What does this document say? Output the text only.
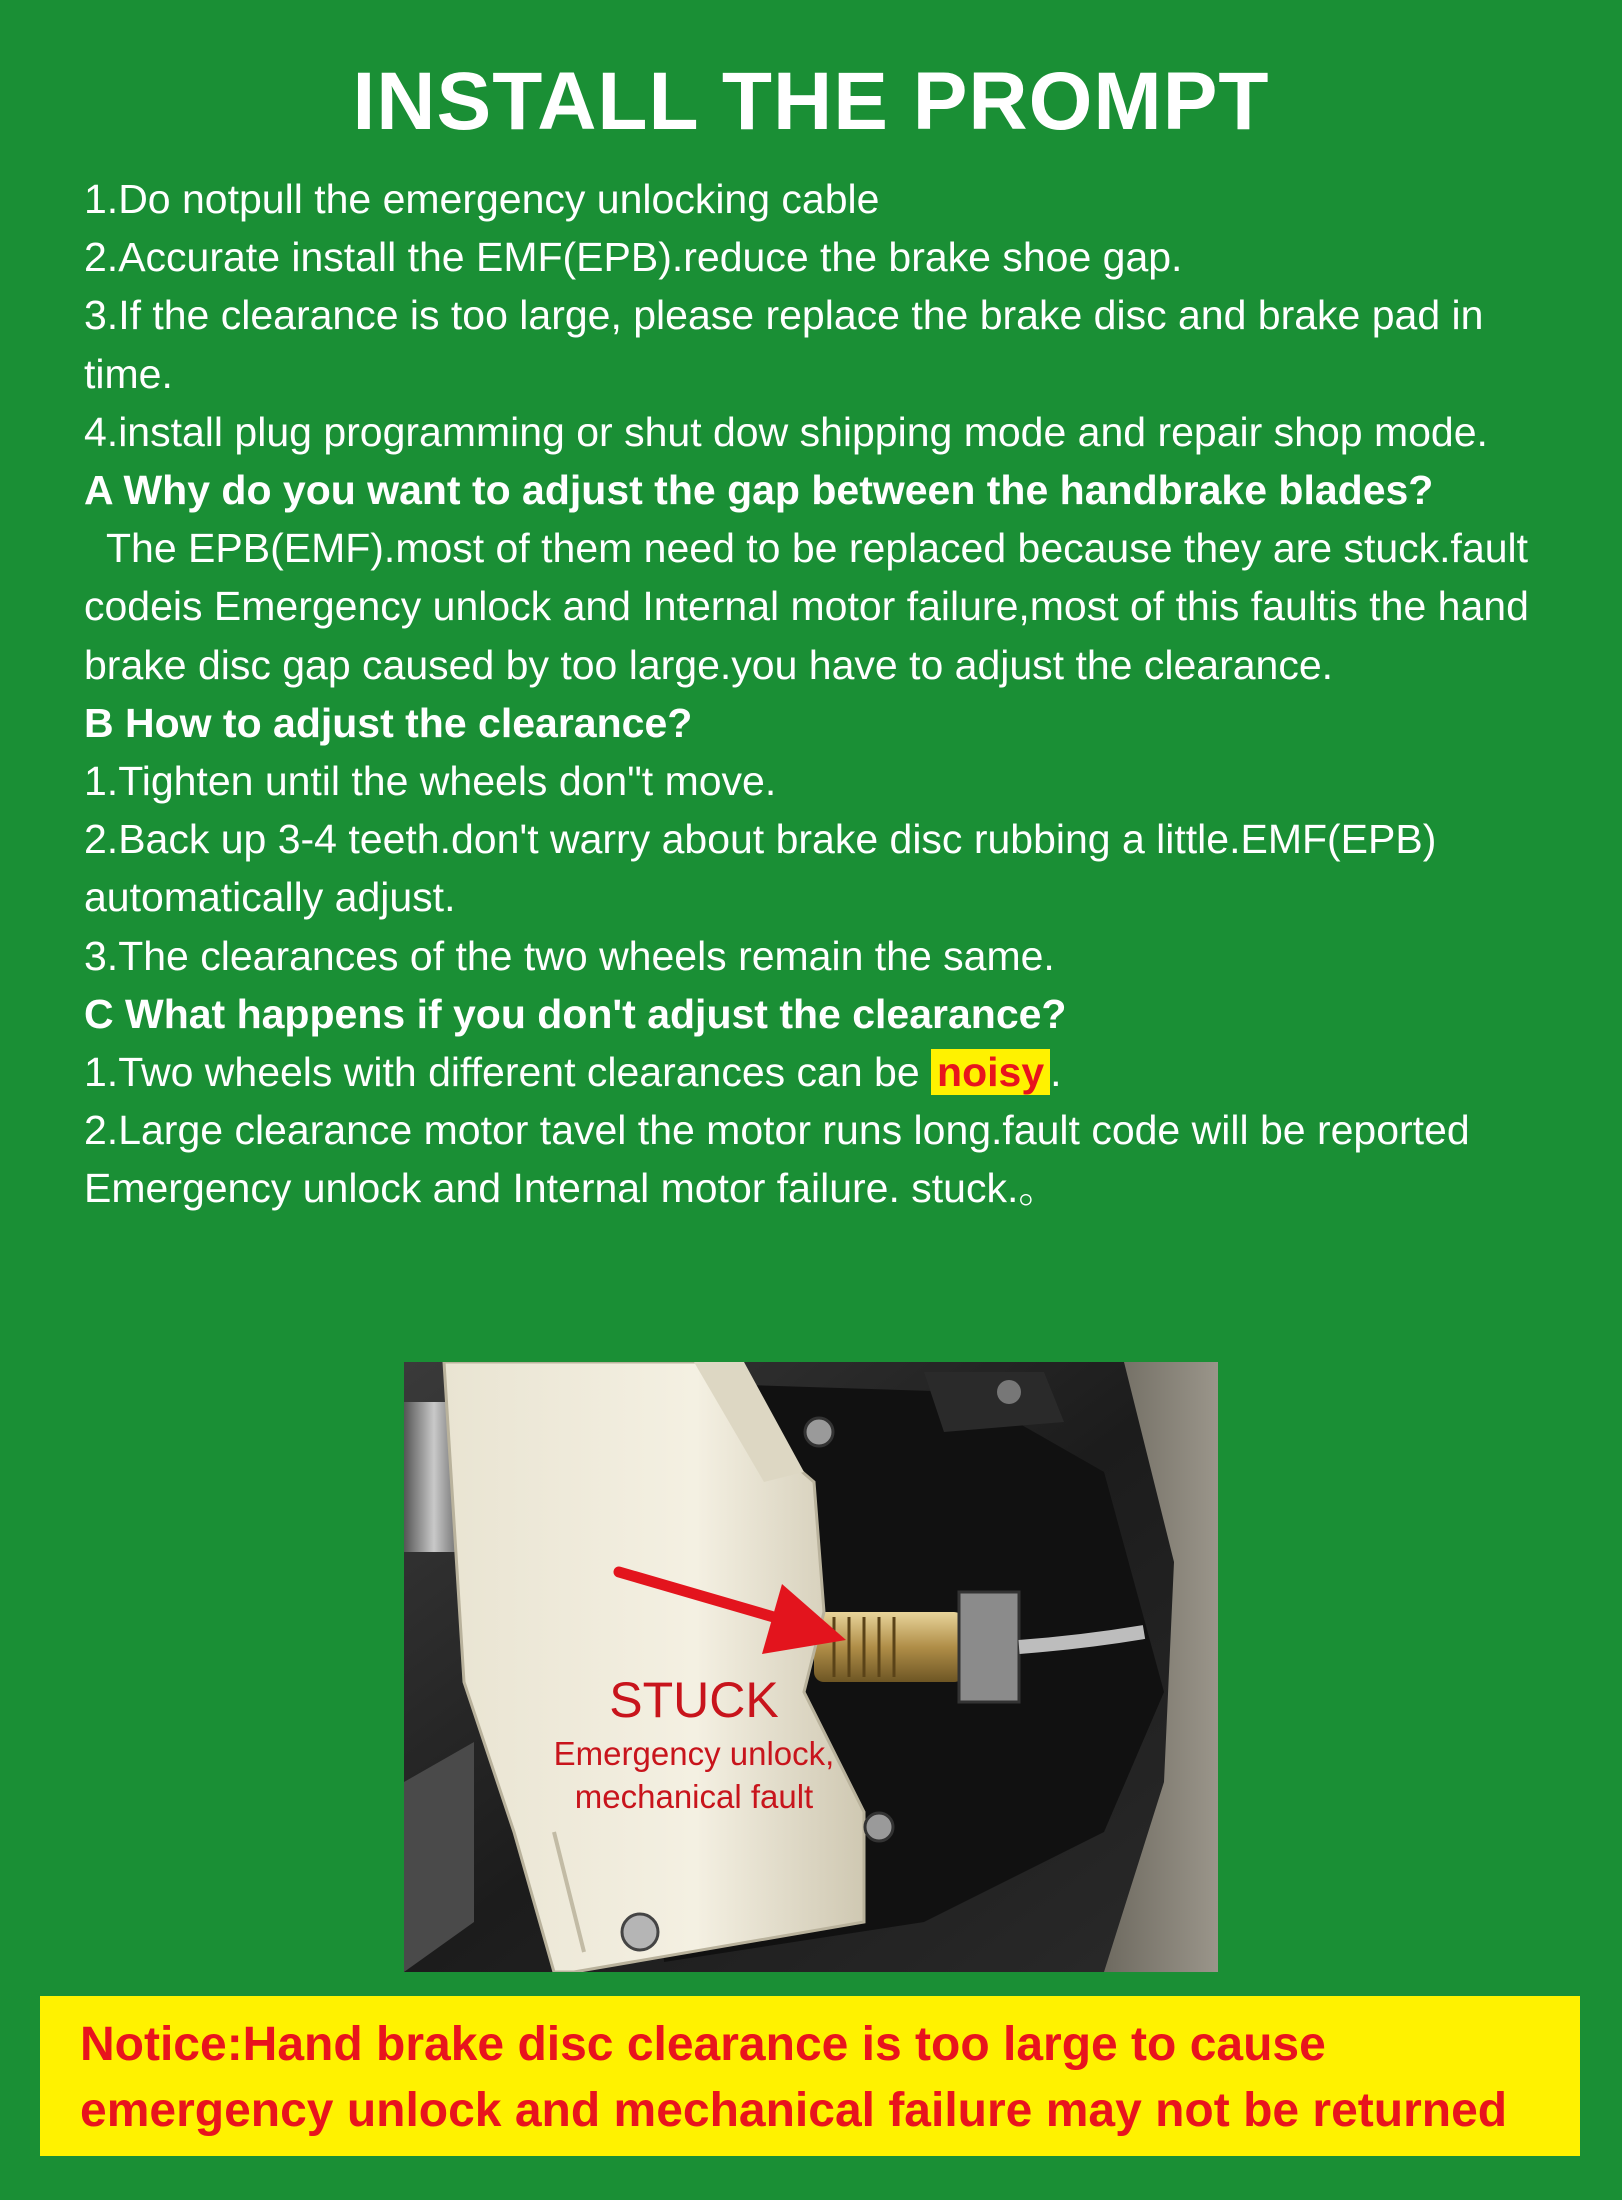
INSTALL THE PROMPT

1.Do notpull the emergency unlocking cable

2.Accurate install the EMF(EPB).reduce the brake shoe gap.

3.If the clearance is too large, please replace the brake disc and brake pad in time.

4.install plug programming or shut dow shipping mode and repair shop mode.

A Why do you want to adjust the gap between the handbrake blades?

The EPB(EMF).most of them need to be replaced because they are stuck.fault codeis Emergency unlock and Internal motor failure,most of this faultis the hand brake disc gap caused by too large.you have to adjust the clearance.

B How to adjust the clearance?

1.Tighten until the wheels don"t move.

2.Back up 3-4 teeth.don't warry about brake disc rubbing a little.EMF(EPB) automatically adjust.

3.The clearances of the two wheels remain the same.

C What happens if you don't adjust the clearance?

1.Two wheels with different clearances can be noisy .

2.Large clearance motor tavel the motor runs long.fault code will be reported Emergency unlock and Internal motor failure. stuck.。

STUCK
Emergency unlock,
mechanical fault
Notice:Hand brake disc clearance is too large to cause emergency unlock and mechanical failure may not be returned
